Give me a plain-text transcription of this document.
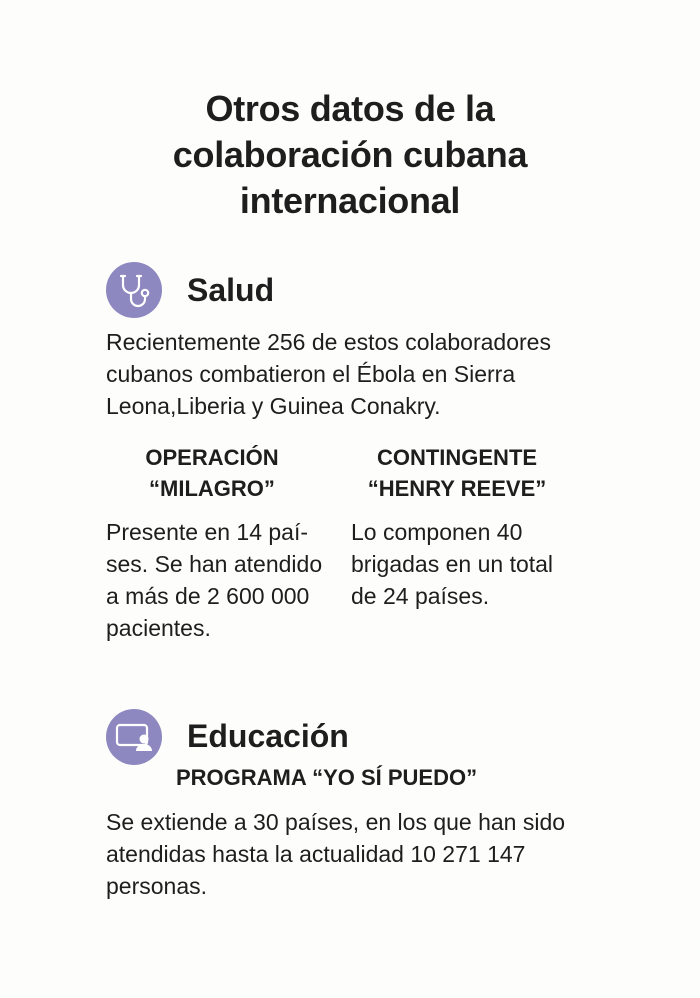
Otros datos de la
colaboración cubana
internacional
Salud

Recientemente 256 de estos colaboradores
cubanos combatieron el Ébola en Sierra
Leona,Liberia y Guinea Conakry.

OPERACIÓN
“MILAGRO”
CONTINGENTE
“HENRY REEVE”

Presente en 14 paí-
ses. Se han atendido
a más de 2 600 000
pacientes.

Lo componen 40
brigadas en un total
de 24 países.

Educación
PROGRAMA “YO SÍ PUEDO”

Se extiende a 30 países, en los que han sido
atendidas hasta la actualidad 10 271 147
personas.
